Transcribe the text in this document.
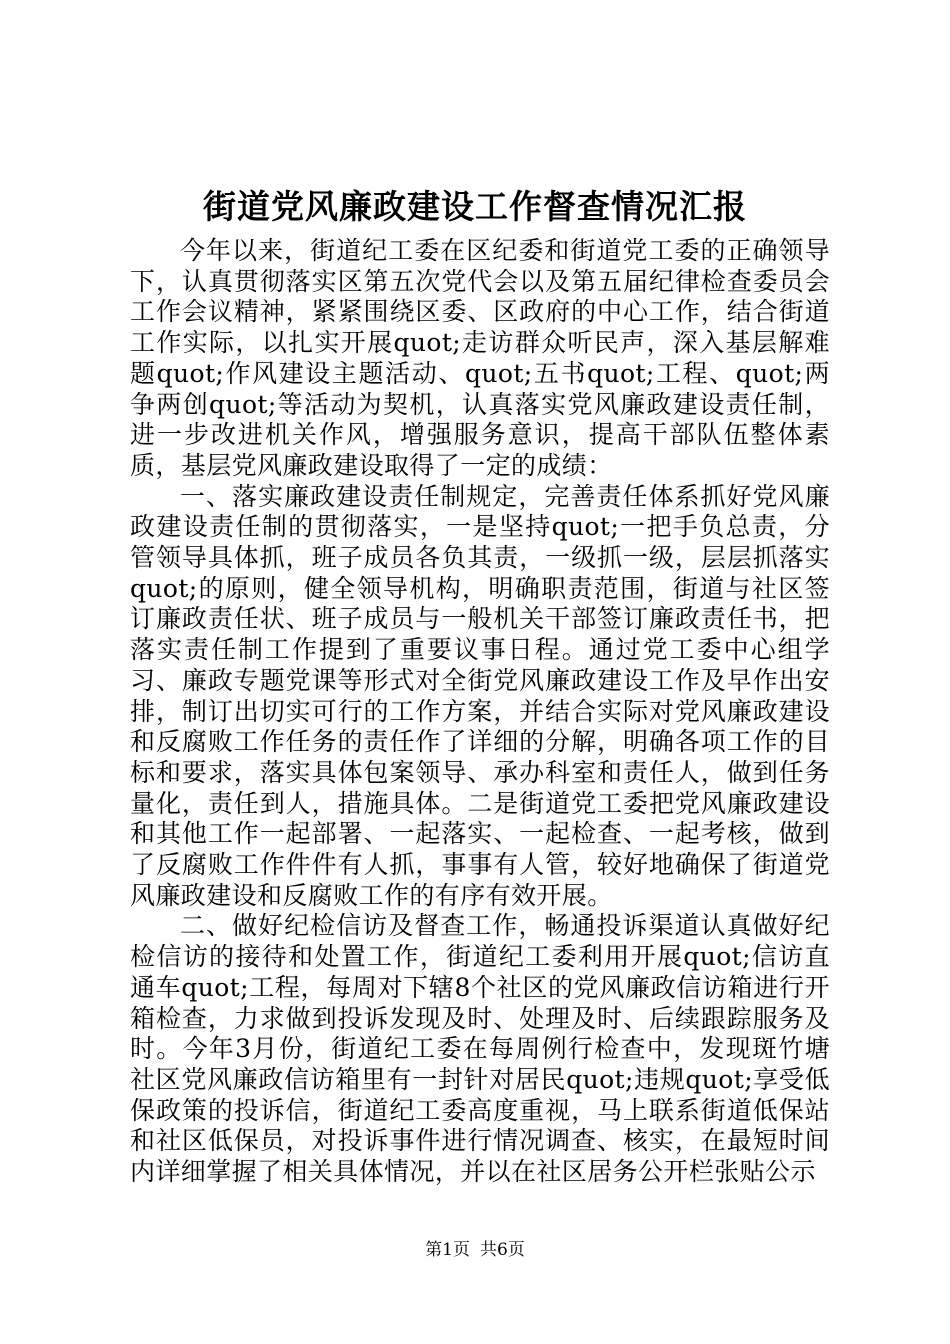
街道党风廉政建设工作督查情况汇报

今年以来，街道纪工委在区纪委和街道党工委的正确领导下，认真贯彻落实区第五次党代会以及第五届纪律检查委员会工作会议精神，紧紧围绕区委、区政府的中心工作，结合街道工作实际，以扎实开展quot;走访群众听民声，深入基层解难题quot;作风建设主题活动、quot;五书quot;工程、quot;两争两创quot;等活动为契机，认真落实党风廉政建设责任制，进一步改进机关作风，增强服务意识，提高干部队伍整体素质，基层党风廉政建设取得了一定的成绩：

一、落实廉政建设责任制规定，完善责任体系抓好党风廉政建设责任制的贯彻落实，一是坚持quot;一把手负总责，分管领导具体抓，班子成员各负其责，一级抓一级，层层抓落实quot;的原则，健全领导机构，明确职责范围，街道与社区签订廉政责任状、班子成员与一般机关干部签订廉政责任书，把落实责任制工作提到了重要议事日程。通过党工委中心组学习、廉政专题党课等形式对全街党风廉政建设工作及早作出安排，制订出切实可行的工作方案，并结合实际对党风廉政建设和反腐败工作任务的责任作了详细的分解，明确各项工作的目标和要求，落实具体包案领导、承办科室和责任人，做到任务量化，责任到人，措施具体。二是街道党工委把党风廉政建设和其他工作一起部署、一起落实、一起检查、一起考核，做到了反腐败工作件件有人抓，事事有人管，较好地确保了街道党风廉政建设和反腐败工作的有序有效开展。

二、做好纪检信访及督查工作，畅通投诉渠道认真做好纪检信访的接待和处置工作，街道纪工委利用开展quot;信访直通车quot;工程，每周对下辖8个社区的党风廉政信访箱进行开箱检查，力求做到投诉发现及时、处理及时、后续跟踪服务及时。今年3月份，街道纪工委在每周例行检查中，发现斑竹塘社区党风廉政信访箱里有一封针对居民quot;违规quot;享受低保政策的投诉信，街道纪工委高度重视，马上联系街道低保站和社区低保员，对投诉事件进行情况调查、核实，在最短时间内详细掌握了相关具体情况，并以在社区居务公开栏张贴公示

第1页 共6页
